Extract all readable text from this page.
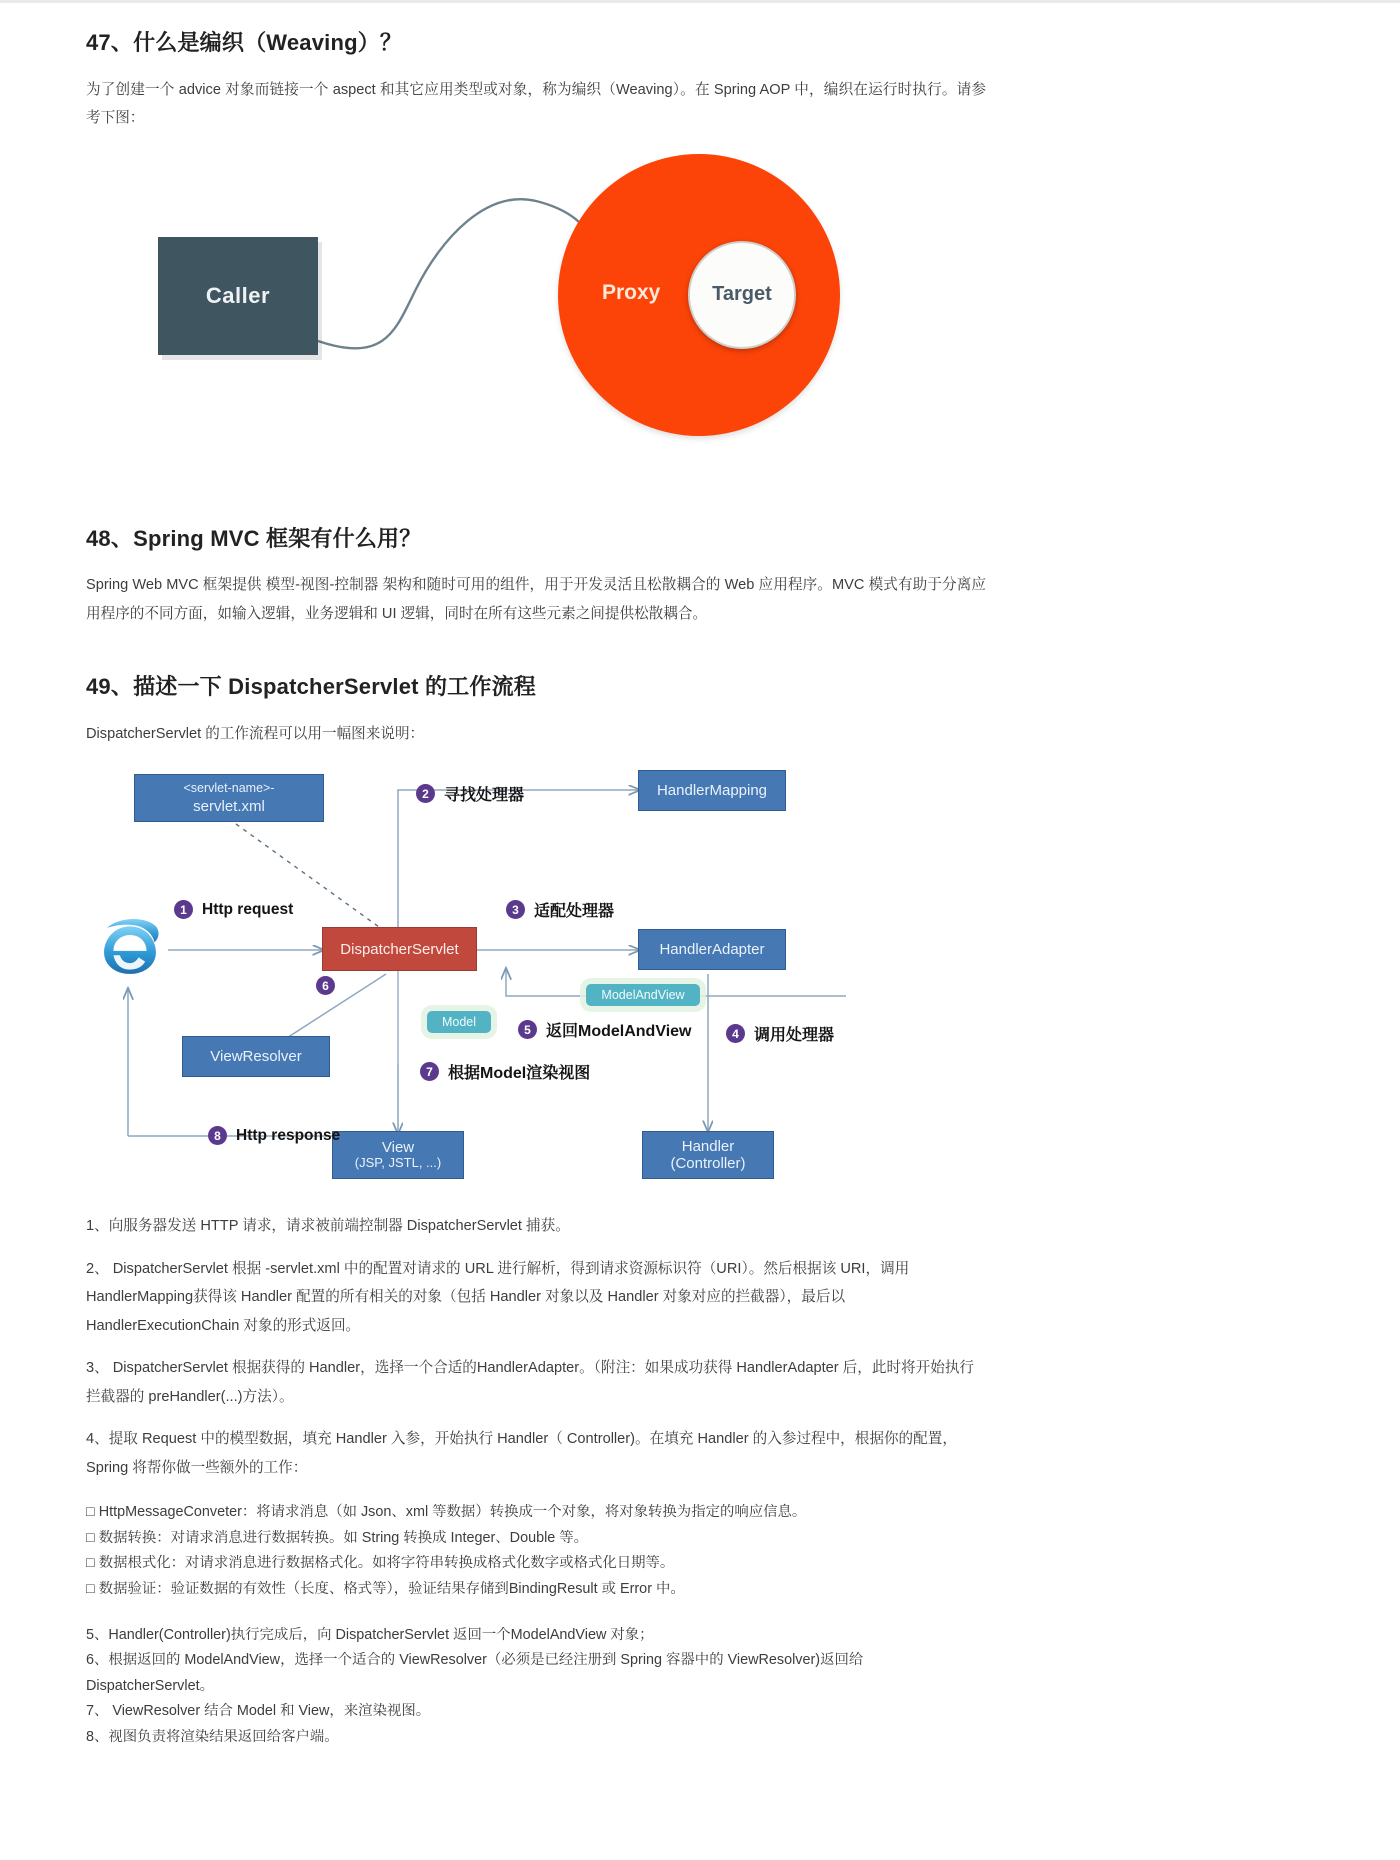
47、什么是编织（Weaving）？

为了创建一个 advice 对象而链接一个 aspect 和其它应用类型或对象，称为编织（Weaving）。在 Spring AOP 中，编织在运行时执行。请参考下图：

Caller	Proxy	Target
48、Spring MVC 框架有什么用？

Spring Web MVC 框架提供 模型-视图-控制器 架构和随时可用的组件，用于开发灵活且松散耦合的 Web 应用程序。MVC 模式有助于分离应用程序的不同方面，如输入逻辑，业务逻辑和 UI 逻辑，同时在所有这些元素之间提供松散耦合。

49、描述一下 DispatcherServlet 的工作流程

DispatcherServlet 的工作流程可以用一幅图来说明：

<servlet-name>-
servlet.xml
HandlerMapping
DispatcherServlet	HandlerAdapter
ViewResolver
View
(JSP, JSTL, ...)
Handler
(Controller)
ModelAndView
Model
1 Http request
2 寻找处理器
3 适配处理器
4 调用处理器
5 返回ModelAndView
6
7 根据Model渲染视图
8 Http response
1、向服务器发送 HTTP 请求，请求被前端控制器 DispatcherServlet 捕获。
2、 DispatcherServlet 根据 -servlet.xml 中的配置对请求的 URL 进行解析，得到请求资源标识符（URI）。然后根据该 URI，调用 HandlerMapping获得该 Handler 配置的所有相关的对象（包括 Handler 对象以及 Handler 对象对应的拦截器），最后以 HandlerExecutionChain 对象的形式返回。
3、 DispatcherServlet 根据获得的 Handler，选择一个合适的HandlerAdapter。（附注：如果成功获得 HandlerAdapter 后，此时将开始执行拦截器的 preHandler(...)方法）。
4、提取 Request 中的模型数据，填充 Handler 入参，开始执行 Handler（ Controller)。在填充 Handler 的入参过程中，根据你的配置，Spring 将帮你做一些额外的工作：
□ HttpMessageConveter：将请求消息（如 Json、xml 等数据）转换成一个对象，将对象转换为指定的响应信息。
□ 数据转换：对请求消息进行数据转换。如 String 转换成 Integer、Double 等。
□ 数据根式化：对请求消息进行数据格式化。如将字符串转换成格式化数字或格式化日期等。
□ 数据验证：验证数据的有效性（长度、格式等），验证结果存储到BindingResult 或 Error 中。
5、Handler(Controller)执行完成后，向 DispatcherServlet 返回一个ModelAndView 对象；
6、根据返回的 ModelAndView，选择一个适合的 ViewResolver（必须是已经注册到 Spring 容器中的 ViewResolver)返回给 DispatcherServlet。
7、 ViewResolver 结合 Model 和 View，来渲染视图。
8、视图负责将渲染结果返回给客户端。
